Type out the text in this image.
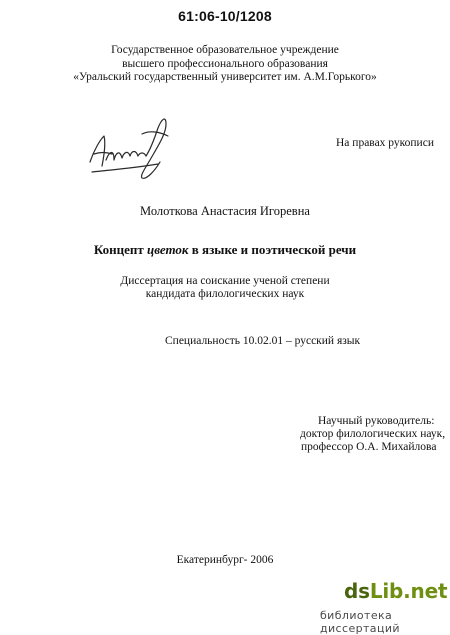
61:06-10/1208
Государственное образовательное учреждение
высшего профессионального образования
«Уральский государственный университет им. А.М.Горького»
На правах рукописи
Молоткова Анастасия Игоревна
Концепт цветок в языке и поэтической речи
Диссертация на соискание ученой степени
кандидата филологических наук
Специальность 10.02.01 – русский язык
Научный руководитель:
доктор филологических наук,
профессор О.А. Михайлова
Екатеринбург- 2006
dsLib.net
библиотека диссертаций
